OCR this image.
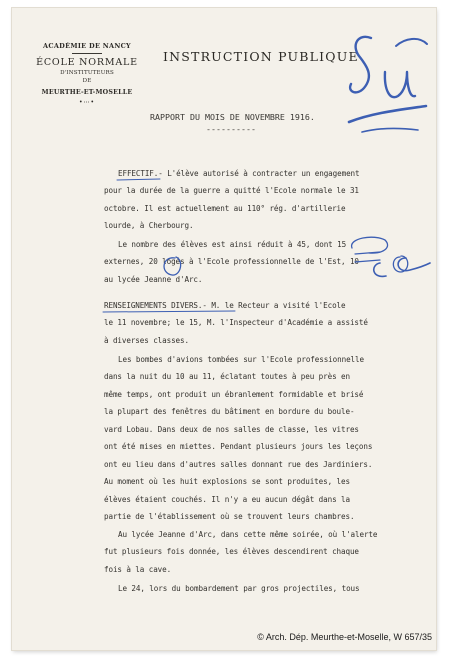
ACADÉMIE DE NANCY
ÉCOLE NORMALE
D'INSTITUTEURS
DE
MEURTHE-ET-MOSELLE
•⋯•
INSTRUCTION PUBLIQUE
RAPPORT DU MOIS DE NOVEMBRE 1916.
----------
EFFECTIF.- L'élève autorisé à contracter un engagement
pour la durée de la guerre a quitté l'Ecole normale le 31
octobre. Il est actuellement au 110° rég. d'artillerie
lourde, à Cherbourg.
Le nombre des élèves est ainsi réduit à 45, dont 15
externes, 20 logés à l'Ecole professionnelle de l'Est, 10
au lycée Jeanne d'Arc.
RENSEIGNEMENTS DIVERS.- M. le Recteur a visité l'Ecole
le 11 novembre; le 15, M. l'Inspecteur d'Académie a assisté
à diverses classes.
Les bombes d'avions tombées sur l'Ecole professionnelle
dans la nuit du 10 au 11, éclatant toutes à peu près en
même temps, ont produit un ébranlement formidable et brisé
la plupart des fenêtres du bâtiment en bordure du boule-
vard Lobau. Dans deux de nos salles de classe, les vitres
ont été mises en miettes. Pendant plusieurs jours les leçons
ont eu lieu dans d'autres salles donnant rue des Jardiniers.
Au moment où les huit explosions se sont produites, les
élèves étaient couchés. Il n'y a eu aucun dégât dans la
partie de l'établissement où se trouvent leurs chambres.
Au lycée Jeanne d'Arc, dans cette même soirée, où l'alerte
fut plusieurs fois donnée, les élèves descendirent chaque
fois à la cave.
Le 24, lors du bombardement par gros projectiles, tous
© Arch. Dép. Meurthe-et-Moselle, W 657/35
